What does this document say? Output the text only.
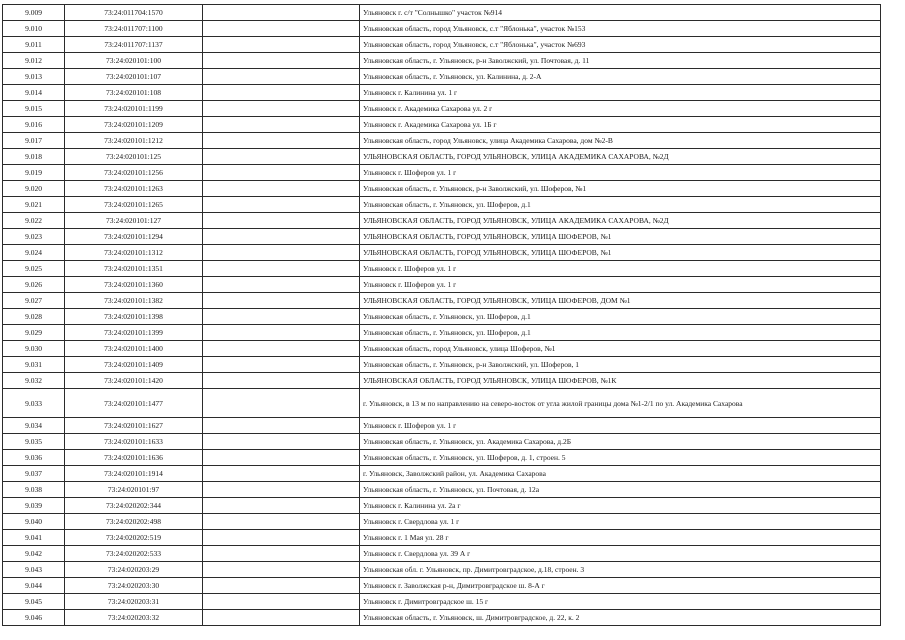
9.009	73:24:011704:1570		Ульяновск г. с/т "Солнышко" участок №914
9.010	73:24:011707:1100		Ульяновская область, город Ульяновск, с.т "Яблонька", участок №153
9.011	73:24:011707:1137		Ульяновская область, город Ульяновск, с.т "Яблонька", участок №693
9.012	73:24:020101:100		Ульяновская область, г. Ульяновск, р-н Заволжский, ул. Почтовая, д. 11
9.013	73:24:020101:107		Ульяновская область, г. Ульяновск, ул. Калинина, д. 2-А
9.014	73:24:020101:108		Ульяновск г. Калинина ул. 1 г
9.015	73:24:020101:1199		Ульяновск г. Академика Сахарова ул. 2 г
9.016	73:24:020101:1209		Ульяновск г. Академика Сахарова ул. 1Б г
9.017	73:24:020101:1212		Ульяновская область, город Ульяновск, улица Академика Сахарова, дом №2-В
9.018	73:24:020101:125		УЛЬЯНОВСКАЯ ОБЛАСТЬ, ГОРОД УЛЬЯНОВСК, УЛИЦА АКАДЕМИКА САХАРОВА, №2Д
9.019	73:24:020101:1256		Ульяновск г. Шоферов ул. 1 г
9.020	73:24:020101:1263		Ульяновская область, г. Ульяновск, р-н Заволжский, ул. Шоферов, №1
9.021	73:24:020101:1265		Ульяновская область, г. Ульяновск, ул. Шоферов, д.1
9.022	73:24:020101:127		УЛЬЯНОВСКАЯ ОБЛАСТЬ, ГОРОД УЛЬЯНОВСК, УЛИЦА АКАДЕМИКА САХАРОВА, №2Д
9.023	73:24:020101:1294		УЛЬЯНОВСКАЯ ОБЛАСТЬ, ГОРОД УЛЬЯНОВСК, УЛИЦА ШОФЕРОВ, №1
9.024	73:24:020101:1312		УЛЬЯНОВСКАЯ ОБЛАСТЬ, ГОРОД УЛЬЯНОВСК, УЛИЦА ШОФЕРОВ, №1
9.025	73:24:020101:1351		Ульяновск г. Шоферов ул. 1 г
9.026	73:24:020101:1360		Ульяновск г. Шоферов ул. 1 г
9.027	73:24:020101:1382		УЛЬЯНОВСКАЯ ОБЛАСТЬ, ГОРОД УЛЬЯНОВСК, УЛИЦА ШОФЕРОВ, ДОМ №1
9.028	73:24:020101:1398		Ульяновская область, г. Ульяновск, ул. Шоферов, д.1
9.029	73:24:020101:1399		Ульяновская область, г. Ульяновск, ул. Шоферов, д.1
9.030	73:24:020101:1400		Ульяновская область, город Ульяновск, улица Шоферов, №1
9.031	73:24:020101:1409		Ульяновская область, г. Ульяновск, р-н Заволжский, ул. Шоферов, 1
9.032	73:24:020101:1420		УЛЬЯНОВСКАЯ ОБЛАСТЬ, ГОРОД УЛЬЯНОВСК, УЛИЦА ШОФЕРОВ, №1К
9.033	73:24:020101:1477		г. Ульяновск, в 13 м по направлению на северо-восток от угла жилой границы дома №1-2/1 по ул. Академика Сахарова
9.034	73:24:020101:1627		Ульяновск г. Шоферов ул. 1 г
9.035	73:24:020101:1633		Ульяновская область, г. Ульяновск, ул. Академика Сахарова, д.2Б
9.036	73:24:020101:1636		Ульяновская область, г. Ульяновск, ул. Шоферов, д. 1, строен. 5
9.037	73:24:020101:1914		г. Ульяновск, Заволжский район, ул. Академика Сахарова
9.038	73:24:020101:97		Ульяновская область, г. Ульяновск, ул. Почтовая, д. 12а
9.039	73:24:020202:344		Ульяновск г. Калинина ул. 2а г
9.040	73:24:020202:498		Ульяновск г. Свердлова ул. 1 г
9.041	73:24:020202:519		Ульяновск г. 1 Мая ул. 28 г
9.042	73:24:020202:533		Ульяновск г. Свердлова ул. 39 А г
9.043	73:24:020203:29		Ульяновская обл. г. Ульяновск, пр. Димитровградское, д.18, строен. 3
9.044	73:24:020203:30		Ульяновск г. Заволжская р-н, Димитровградское ш. 8-А г
9.045	73:24:020203:31		Ульяновск г. Димитровградское ш. 15 г
9.046	73:24:020203:32		Ульяновская область, г. Ульяновск, ш. Димитровградское, д. 22, к. 2
